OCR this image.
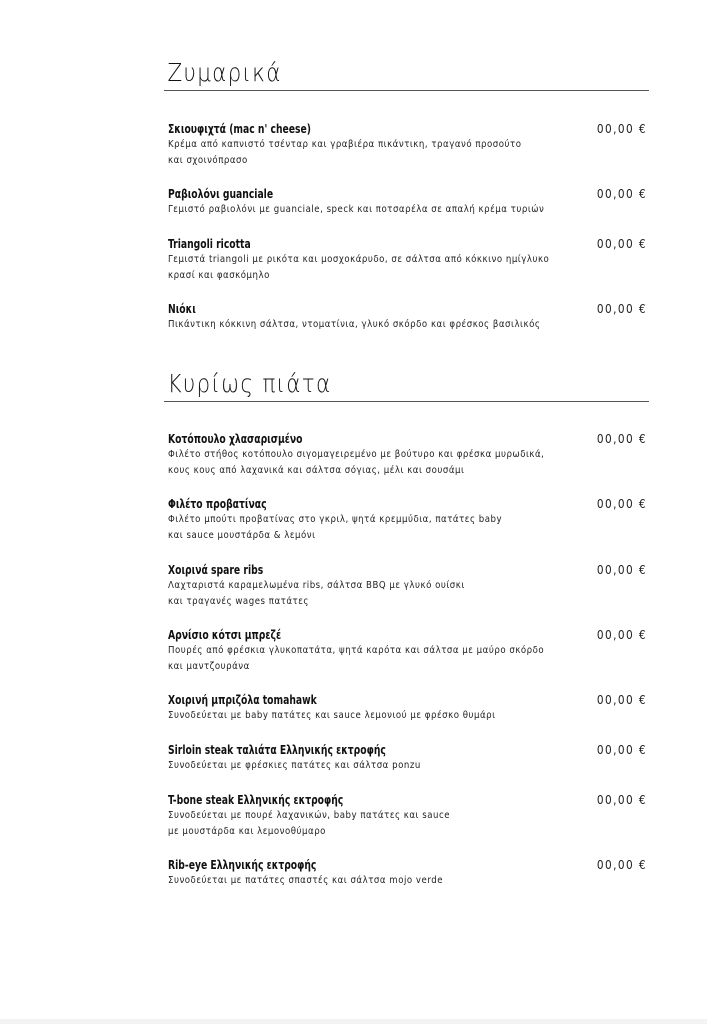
Ζυμαρικά
Σκιουφιχτά (mac n' cheese)
Κρέμα από καπνιστό τσένταρ και γραβιέρα πικάντικη, τραγανό προσούτο
και σχοινόπρασο
00,00 €
Ραβιολόνι guanciale
Γεμιστό ραβιολόνι με guanciale, speck και ποτσαρέλα σε απαλή κρέμα τυριών
00,00 €
Triangoli ricotta
Γεμιστά triangoli με ρικότα και μοσχοκάρυδο, σε σάλτσα από κόκκινο ημίγλυκο
κρασί και φασκόμηλο
00,00 €
Νιόκι
Πικάντικη κόκκινη σάλτσα, ντοματίνια, γλυκό σκόρδο και φρέσκος βασιλικός
00,00 €
Κυρίως πιάτα
Κοτόπουλο χλασαρισμένο
Φιλέτο στήθος κοτόπουλο σιγομαγειρεμένο με βούτυρο και φρέσκα μυρωδικά,
κους κους από λαχανικά και σάλτσα σόγιας, μέλι και σουσάμι
00,00 €
Φιλέτο προβατίνας
Φιλέτο μπούτι προβατίνας στο γκριλ, ψητά κρεμμύδια, πατάτες baby
και sauce μουστάρδα & λεμόνι
00,00 €
Χοιρινά spare ribs
Λαχταριστά καραμελωμένα ribs, σάλτσα BBQ με γλυκό ουίσκι
και τραγανές wages πατάτες
00,00 €
Αρνίσιο κότσι μπρεζέ
Πουρές από φρέσκια γλυκοπατάτα, ψητά καρότα και σάλτσα με μαύρο σκόρδο
και μαντζουράνα
00,00 €
Χοιρινή μπριζόλα tomahawk
Συνοδεύεται με baby πατάτες και sauce λεμονιού με φρέσκο θυμάρι
00,00 €
Sirloin steak ταλιάτα Ελληνικής εκτροφής
Συνοδεύεται με φρέσκιες πατάτες και σάλτσα ponzu
00,00 €
T-bone steak Ελληνικής εκτροφής
Συνοδεύεται με πουρέ λαχανικών, baby πατάτες και sauce
με μουστάρδα και λεμονοθύμαρο
00,00 €
Rib-eye Ελληνικής εκτροφής
Συνοδεύεται με πατάτες σπαστές και σάλτσα mojo verde
00,00 €
